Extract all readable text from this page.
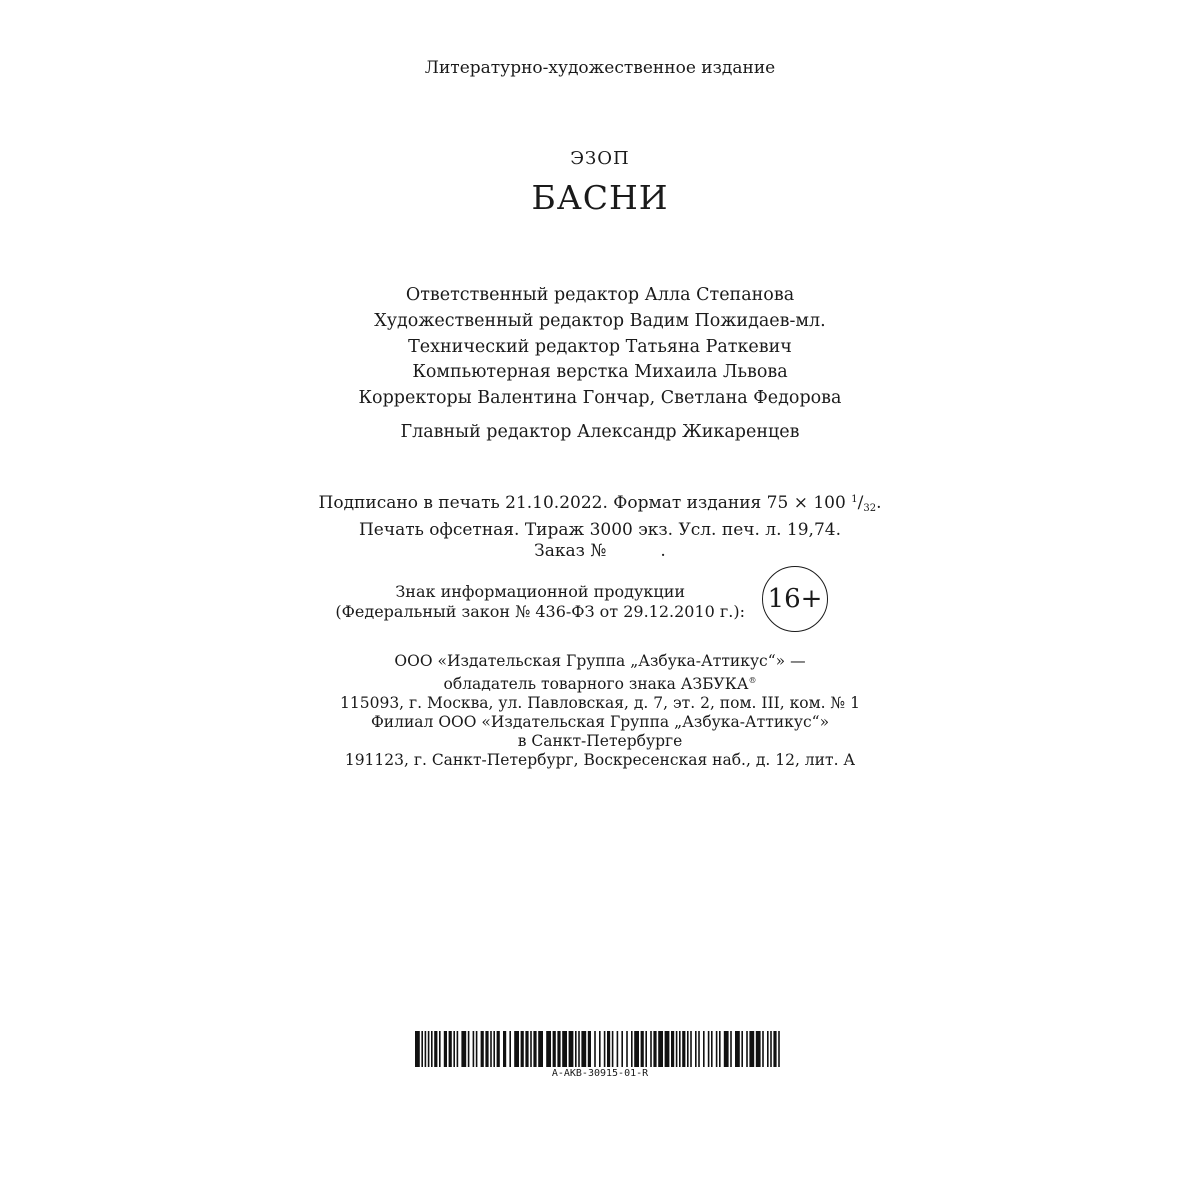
Литературно-художественное издание
ЭЗОП
БАСНИ
Ответственный редактор Алла Степанова
Художественный редактор Вадим Пожидаев-мл.
Технический редактор Татьяна Раткевич
Компьютерная верстка Михаила Львова
Корректоры Валентина Гончар, Светлана Федорова
Главный редактор Александр Жикаренцев
Подписано в печать 21.10.2022. Формат издания 75 × 100 $^1$/32.
Печать офсетная. Тираж 3000 экз. Усл. печ. л. 19,74.
Заказ №	.
Знак информационной продукции
(Федеральный закон № 436-ФЗ от 29.12.2010 г.): 16+
ООО «Издательская Группа „Азбука-Аттикус“» —
обладатель товарного знака АЗБУКА®
115093, г. Москва, ул. Павловская, д. 7, эт. 2, пом. III, ком. № 1
Филиал ООО «Издательская Группа „Азбука-Аттикус“»
в Санкт-Петербурге
191123, г. Санкт-Петербург, Воскресенская наб., д. 12, лит. А
A-AKB-30915-01-R
